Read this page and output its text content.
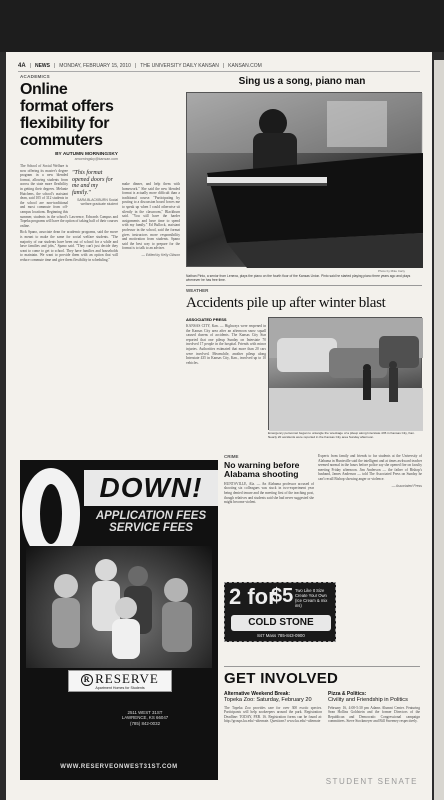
4A | NEWS | MONDAY, FEBRUARY 15, 2010 | THE UNIVERSITY DAILY KANSAN | KANSAN.COM
ACADEMICS
Online format offers flexibility for commuters
BY AUTUMN MORNINGSKY
amorningsky@kansan.com
"This format opened doors for me and my family."
SARA BLACKBURN Social welfare graduate student

The School of Social Welfare is now offering its master's degree program in a new blended format, allowing students from across the state more flexibility in getting their degrees. Melanie Hutchens, the school's assistant dean, said 105 of 312 students in the school are non-traditional and most commute from off-campus locations. Beginning this summer, students in the school's Lawrence, Edwards Campus and Topeka programs will have the option of taking half of their courses online.

Rick Spano, associate dean for academic programs, said the move is meant to make the same for social welfare students. "The majority of our students have been out of school for a while and have families and jobs," Spano said. "They can't just decide they want to come to get to school. They have families and households to maintain. We want to provide them with an option that will reduce commute time and give them flexibility in scheduling."

make dinner, and help them with homework." She said the new blended format is actually more difficult than a traditional course. "Participating by posting to a discussion board forces me to speak up when I could otherwise sit silently in the classroom," Blackburn said. "You still have the harder assignments and have time to spend with my family." Ed Bullock, assistant professor in the school, said the format gives instructors more responsibility and motivation from students. Spano said the best way to prepare for the format is to talk to an adviser.

— Edited by Kelly Gibson
Sing us a song, piano man
Photo by Mike Carty
Nathan Pinto, a senior from Lenexa, plays the piano on the fourth floor of the Kansas Union. Pinto said he started playing piano three years ago and plays whenever he has free time.
WEATHER
Accidents pile up after winter blast
ASSOCIATED PRESS

KANSAS CITY, Kan. — Highways were reopened in the Kansas City area after an afternoon snow squall caused dozens of accidents. The Kansas City Star reported that one pileup Sunday on Interstate 70 involved 17 people in the hospital. Friends with minor injuries. Authorities estimated that more than 20 cars were involved. Meanwhile, another pileup along Interstate 435 in Kansas City, Kan., involved up to 10 vehicles.

Emergency personnel began to untangle the wreckage of a pileup along Interstate 435 in Kansas City, Kan. Nearly 20 accidents were reported in the Kansas City area Sunday afternoon.
DOWN!
APPLICATION FEES SERVICE FEES
R RESERVE
Apartment Homes for Students
2511 WEST 31ST
LAWRENCE, KS 66047
(785) 842-0032
WWW.RESERVEONWEST31ST.COM
CRIME
No warning before Alabama shooting

HUNTSVILLE, Ala. — An Alabama professor accused of shooting six colleagues was stuck in two-experiment year being denied tenure and the meeting first of the teaching post, though relatives and students said she had never suggested she might become violent.

Experts from family and friends to fur students at the University of Alabama in Huntsville said the intelligent and at times awkward teacher seemed normal in the hours before police say she opened fire on faculty meeting Friday afternoon. Jim Anderson — the father of Bishop's husband, James Anderson — told The Associated Press on Sunday he can't recall Bishop showing anger or violence.

— Associated Press
2 for
$5 Two Like It Size Create Your Own (Ice Cream & mix ins)
COLD STONE
847 Mass 785-843-0900
GET INVOLVED
Alternative Weekend Break:
Topeka Zoo: Saturday, February 20

The Topeka Zoo provides care for over 300 exotic species. Participants will help zookeepers around the park. Registration Deadline: TODAY, FEB. 16. Registration forms can be found at: http://groups.ku.edu/~alternate. Questions? www.ku.edu/~alternate

Pizza & Politics:
Civility and Friendship in Politics

February 16, 4:00-5:30 pm Adams Alumni Center. Featuring Sean Hollins Goldstein and the former Directors of the Republican and Democratic Congressional campaign committees. Steve Stockmeyer and Bill Sweeney respectively.

STUDENT SENATE
